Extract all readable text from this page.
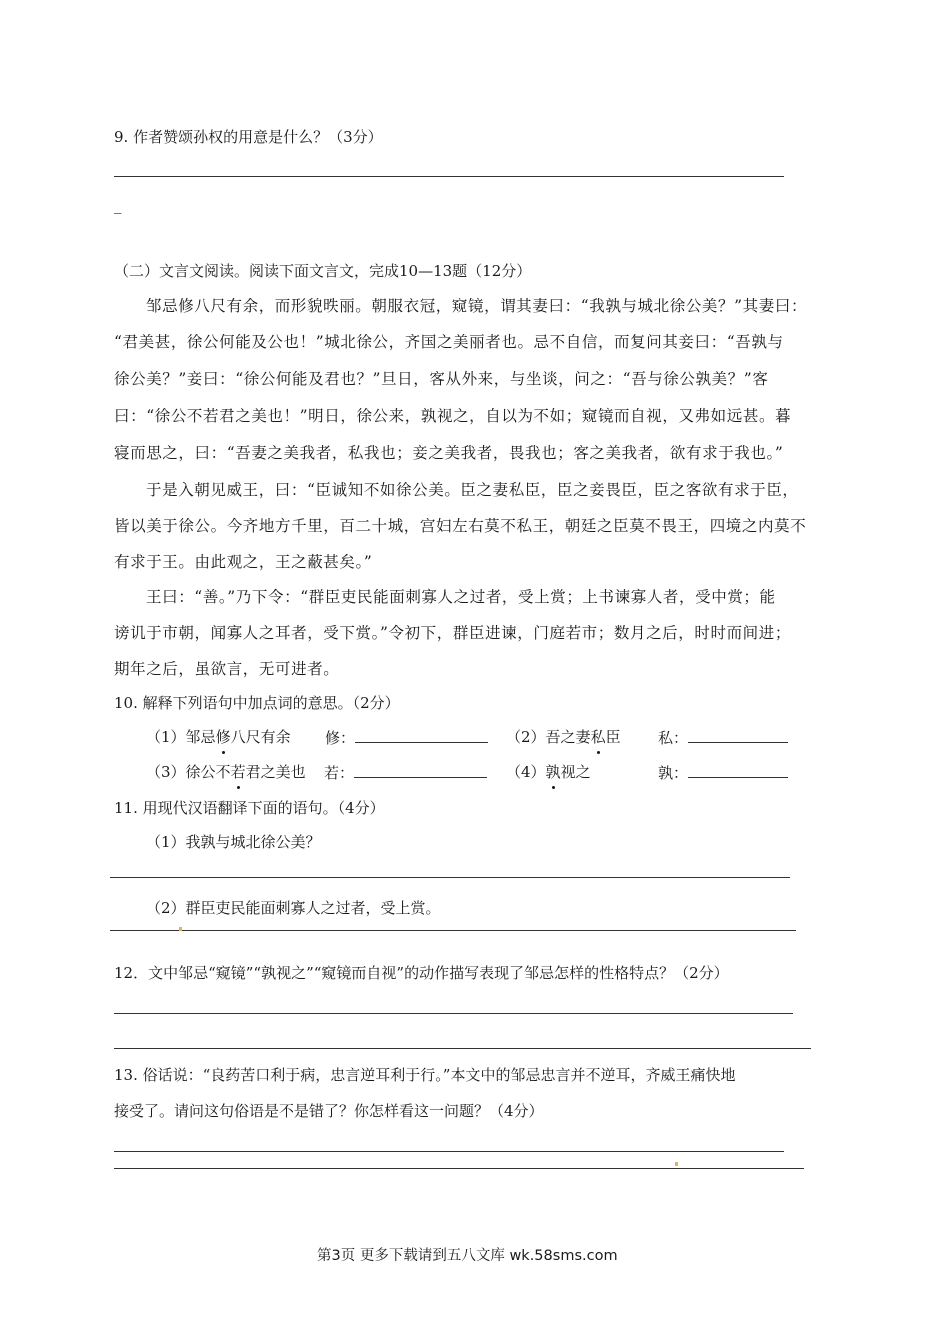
9. 作者赞颂孙权的用意是什么？（3分）
_
（二）文言文阅读。阅读下面文言文，完成10—13题（12分）
邹忌修八尺有余，而形貌昳丽。朝服衣冠，窥镜，谓其妻曰：“我孰与城北徐公美？”其妻曰：
“君美甚，徐公何能及公也！”城北徐公，齐国之美丽者也。忌不自信，而复问其妾曰：“吾孰与
徐公美？”妾曰：“徐公何能及君也？”旦日，客从外来，与坐谈，问之：“吾与徐公孰美？”客
曰：“徐公不若君之美也！”明日，徐公来，孰视之，自以为不如；窥镜而自视，又弗如远甚。暮
寝而思之，曰：“吾妻之美我者，私我也；妾之美我者，畏我也；客之美我者，欲有求于我也。”
于是入朝见威王，曰：“臣诚知不如徐公美。臣之妻私臣，臣之妾畏臣，臣之客欲有求于臣，
皆以美于徐公。今齐地方千里，百二十城，宫妇左右莫不私王，朝廷之臣莫不畏王，四境之内莫不
有求于王。由此观之，王之蔽甚矣。”
王曰：“善。”乃下令：“群臣吏民能面刺寡人之过者，受上赏；上书谏寡人者，受中赏；能
谤讥于市朝，闻寡人之耳者，受下赏。”令初下，群臣进谏，门庭若市；数月之后，时时而间进；
期年之后，虽欲言，无可进者。
10. 解释下列语句中加点词的意思。（2分）
（1）邹忌修八尺有余 修：	（2）吾之妻私臣 私：
（3）徐公不若君之美也 若：	（4）孰视之	孰：
11. 用现代汉语翻译下面的语句。（4分）
（1）我孰与城北徐公美？
（2）群臣吏民能面刺寡人之过者，受上赏。
12．文中邹忌“窥镜”“孰视之”“窥镜而自视”的动作描写表现了邹忌怎样的性格特点？（2分）
13. 俗话说：“良药苦口利于病，忠言逆耳利于行。”本文中的邹忌忠言并不逆耳，齐威王痛快地
接受了。请问这句俗语是不是错了？你怎样看这一问题？（4分）
第3页 更多下载请到五八文库 wk.58sms.com
